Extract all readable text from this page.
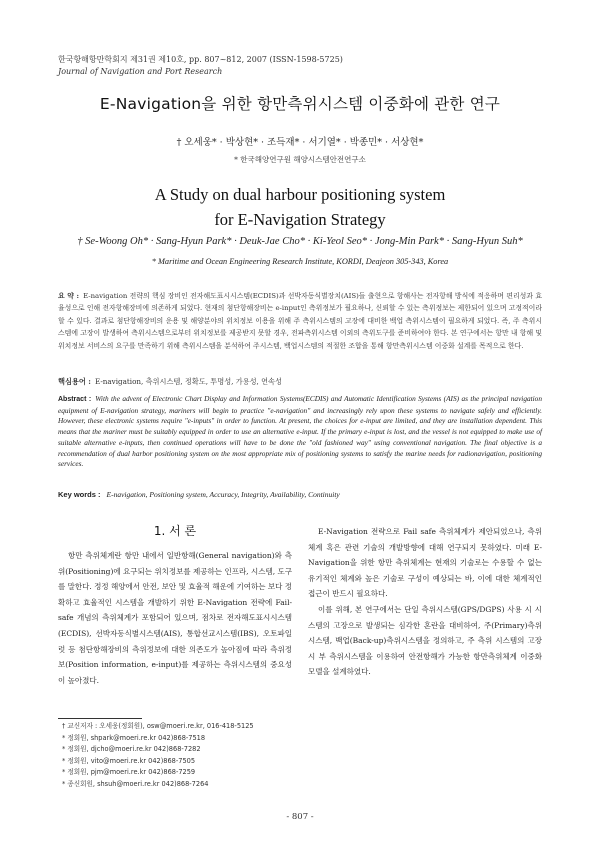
한국항해항만학회지 제31권 제10호, pp. 807~812, 2007 (ISSN-1598-5725)
Journal of Navigation and Port Research
E-Navigation을 위한 항만측위시스템 이중화에 관한 연구
† 오세웅* · 박상현* · 조득재* · 서기열* · 박종민* · 서상현*
* 한국해양연구원 해양시스템안전연구소
A Study on dual harbour positioning system
for E-Navigation Strategy
† Se-Woong Oh* · Sang-Hyun Park* · Deuk-Jae Cho* · Ki-Yeol Seo* · Jong-Min Park* · Sang-Hyun Suh*
* Maritime and Ocean Engineering Research Institute, KORDI, Deajeon 305-343, Korea
요 약 : E-navigation 전략의 핵심 장비인 전자해도표시시스템(ECDIS)과 선박자동식별장치(AIS)들 출현으로 항해사는 전자항해 방식에 적응하며 편리성과 효율성으로 인해 전자항해장비에 의존하게 되었다. 현재의 첨단항해장비는 e-input인 측위정보가 필요하나, 신뢰할 수 있는 측위정보는 제한되어 있으며 고정적이라 할 수 있다. 결과로 첨단항해장비의 운용 및 해양분야의 위치정보 이용을 위해 주 측위시스템의 고장에 대비한 백업 측위시스템이 필요하게 되었다. 즉, 주 측위시스템에 고장이 발생하여 측위시스템으로부터 위치정보를 제공받지 못할 경우, 전파측위시스템 이외의 측위도구를 준비하여야 한다. 본 연구에서는 항만 내 항해 및 위치정보 서비스의 요구를 만족하기 위해 측위시스템을 분석하여 주시스템, 백업시스템의 적절한 조합을 통해 항만측위시스템 이중화 설계를 목적으로 한다.
핵심용어 : E-navigation, 측위시스템, 정확도, 투명성, 가용성, 연속성
Abstract : With the advent of Electronic Chart Display and Information Systems(ECDIS) and Automatic Identification Systems (AIS) as the principal navigation equipment of E-navigation strategy, mariners will begin to practice "e-navigation" and increasingly rely upon these systems to navigate safely and efficiently. However, these electronic systems require "e-inputs" in order to function. At present, the choices for e-input are limited, and they are installation dependent. This means that the mariner must be suitably equipped in order to use an alternative e-input. If the primary e-input is lost, and the vessel is not equipped to make use of suitable alternative e-inputs, then continued operations will have to be done the "old fashioned way" using conventional navigation. The final objective is a recommendation of dual harbor positioning system on the most appropriate mix of positioning systems to satisfy the marine needs for radionavigation, positioning services.
Key words : E-navigation, Positioning system, Accuracy, Integrity, Availability, Continuity
1. 서 론

항만 측위체계란 항만 내에서 일반항해(General navigation)와 측위(Positioning)에 요구되는 위치정보를 제공하는 인프라, 시스템, 도구를 말한다. 정정 해양에서 안전, 보안 및 효율적 해운에 기여하는 보다 정확하고 효율적인 시스템을 개발하기 위한 E-Navigation 전략에 Fail-safe 개념의 측위체계가 포함되어 있으며, 점차로 전자해도표시시스템(ECDIS), 선박자동식별시스템(AIS), 통합선교시스템(IBS), 오토파일럿 등 첨단항해장비의 측위정보에 대한 의존도가 높아짐에 따라 측위정보(Position information, e-input)를 제공하는 측위시스템의 중요성이 높아졌다.

E-Navigation 전략으로 Fail safe 측위체계가 제안되었으나, 측위체계 혹은 관련 기술의 개발방향에 대해 연구되지 못하였다. 미래 E-Navigation을 위한 항만 측위체계는 현재의 기술로는 수용할 수 없는 유기적인 체계와 높은 기술로 구성이 예상되는 바, 이에 대한 체계적인 접근이 반드시 필요하다.

이를 위해, 본 연구에서는 단일 측위시스템(GPS/DGPS) 사용 시 시스템의 고장으로 발생되는 심각한 혼란을 대비하여, 주(Primary)측위시스템, 백업(Back-up)측위시스템을 정의하고, 주 측위 시스템의 고장 시 부 측위시스템을 이용하여 안전항해가 가능한 항만측위체계 이중화 모델을 설계하였다.

† 교신저자 : 오세웅(정회원), osw@moeri.re.kr, 016-418-5125
* 정회원, shpark@moeri.re.kr 042)868-7518
* 정회원, djcho@moeri.re.kr 042)868-7282
* 정회원, vito@moeri.re.kr 042)868-7505
* 정회원, pjm@moeri.re.kr 042)868-7259
* 종신회원, shsuh@moeri.re.kr 042)868-7264
- 807 -
